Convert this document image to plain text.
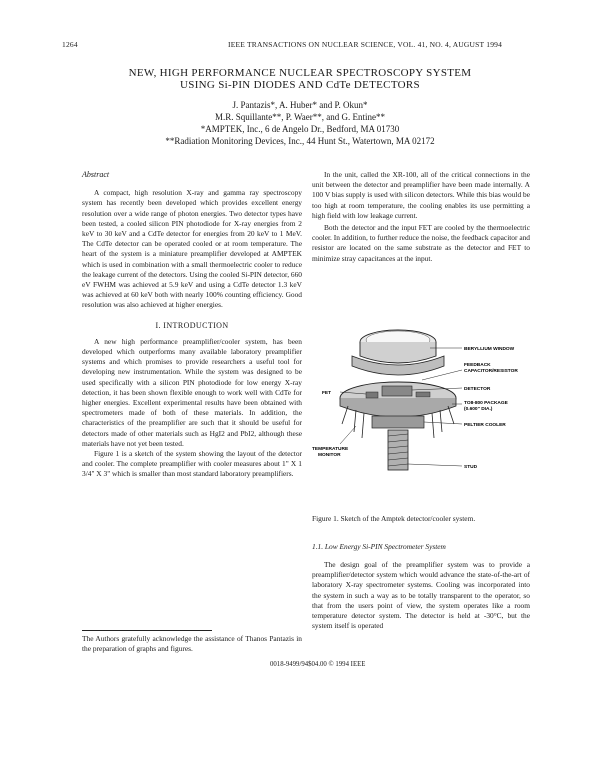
1264	IEEE TRANSACTIONS ON NUCLEAR SCIENCE, VOL. 41, NO. 4, AUGUST 1994
NEW, HIGH PERFORMANCE NUCLEAR SPECTROSCOPY SYSTEM
USING Si-PIN DIODES AND CdTe DETECTORS
J. Pantazis*, A. Huber* and P. Okun*
M.R. Squillante**, P. Waer**, and G. Entine**
*AMPTEK, Inc., 6 de Angelo Dr., Bedford, MA 01730
**Radiation Monitoring Devices, Inc., 44 Hunt St., Watertown, MA 02172
Abstract

A compact, high resolution X-ray and gamma ray spectroscopy system has recently been developed which provides excellent energy resolution over a wide range of photon energies. Two detector types have been tested, a cooled silicon PIN photodiode for X-ray energies from 2 keV to 30 keV and a CdTe detector for energies from 20 keV to 1 MeV. The CdTe detector can be operated cooled or at room temperature. The heart of the system is a miniature preamplifier developed at AMPTEK which is used in combination with a small thermoelectric cooler to reduce the leakage current of the detectors. Using the cooled Si-PIN detector, 660 eV FWHM was achieved at 5.9 keV and using a CdTe detector 1.3 keV was achieved at 60 keV both with nearly 100% counting efficiency. Good resolution was also achieved at higher energies.

I. INTRODUCTION

A new high performance preamplifier/cooler system, has been developed which outperforms many available laboratory preamplifier systems and which promises to provide researchers a useful tool for developing new instrumentation. While the system was designed to be used specifically with a silicon PIN photodiode for low energy X-ray detection, it has been shown flexible enough to work well with CdTe for higher energies. Excellent experimental results have been obtained with spectrometers made of both of these materials. In addition, the characteristics of the preamplifier are such that it should be useful for detectors made of other materials such as HgI2 and PbI2, although these materials have not yet been tested.

Figure 1 is a sketch of the system showing the layout of the detector and cooler. The complete preamplifier with cooler measures about 1" X 1 3/4" X 3" which is smaller than most standard laboratory preamplifiers.

The Authors gratefully acknowledge the assistance of Thanos Pantazis in the preparation of graphs and figures.
0018-9499/94$04.00 © 1994 IEEE

In the unit, called the XR-100, all of the critical connections in the unit between the detector and preamplifier have been made internally. A 100 V bias supply is used with silicon detectors. While this bias would be too high at room temperature, the cooling enables its use permitting a high field with low leakage current.

Both the detector and the input FET are cooled by the thermoelectric cooler. In addition, to further reduce the noise, the feedback capacitor and resistor are located on the same substrate as the detector and FET to minimize stray capacitances at the input.

BERYLLIUM WINDOW
FEEDBACK
CAPACITOR/RESISTOR
DETECTOR
FET
TO8-800 PACKAGE
(0.600" DIA.)
PELTIER COOLER
TEMPERATURE
MONITOR
STUD
Figure 1. Sketch of the Amptek detector/cooler system.
1.1. Low Energy Si-PIN Spectrometer System

The design goal of the preamplifier system was to provide a preamplifier/detector system which would advance the state-of-the-art of laboratory X-ray spectrometer systems. Cooling was incorporated into the system in such a way as to be totally transparent to the operator, so that from the users point of view, the system operates like a room temperature detector system. The detector is held at -30°C, but the system itself is operated
